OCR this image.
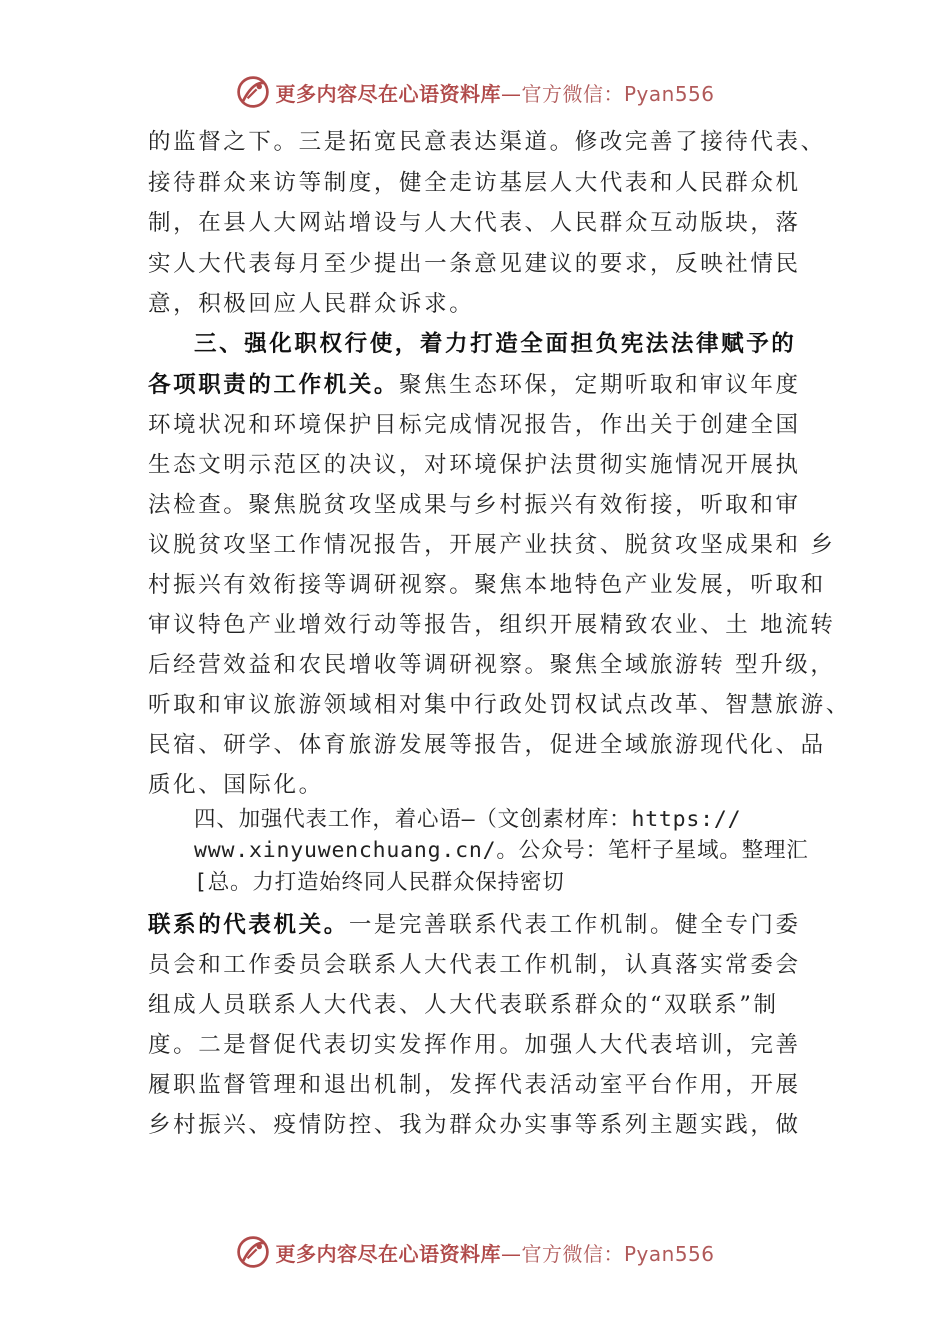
更多内容尽在心语资料库—官方微信：Pyan556
的监督之下。三是拓宽民意表达渠道。修改完善了接待代表、
接待群众来访等制度，健全走访基层人大代表和人民群众机
制，在县人大网站增设与人大代表、人民群众互动版块，落
实人大代表每月至少提出一条意见建议的要求，反映社情民
意，积极回应人民群众诉求。
三、强化职权行使，着力打造全面担负宪法法律赋予的
各项职责的工作机关。聚焦生态环保，定期听取和审议年度
环境状况和环境保护目标完成情况报告，作出关于创建全国
生态文明示范区的决议，对环境保护法贯彻实施情况开展执
法检查。聚焦脱贫攻坚成果与乡村振兴有效衔接，听取和审
议脱贫攻坚工作情况报告，开展产业扶贫、脱贫攻坚成果和 乡
村振兴有效衔接等调研视察。聚焦本地特色产业发展，听取和
审议特色产业增效行动等报告，组织开展精致农业、土 地流转
后经营效益和农民增收等调研视察。聚焦全域旅游转 型升级，
听取和审议旅游领域相对集中行政处罚权试点改革、智慧旅游、
民宿、研学、体育旅游发展等报告，促进全域旅游现代化、品
质化、国际化。
四、加强代表工作，着心语—（文创素材库：https://
www.xinyuwenchuang.cn/。公众号：笔杆子星域。整理汇
[总。力打造始终同人民群众保持密切
联系的代表机关。一是完善联系代表工作机制。健全专门委
员会和工作委员会联系人大代表工作机制，认真落实常委会
组成人员联系人大代表、人大代表联系群众的“双联系”制
度。二是督促代表切实发挥作用。加强人大代表培训，完善
履职监督管理和退出机制，发挥代表活动室平台作用，开展
乡村振兴、疫情防控、我为群众办实事等系列主题实践，做
更多内容尽在心语资料库—官方微信：Pyan556
